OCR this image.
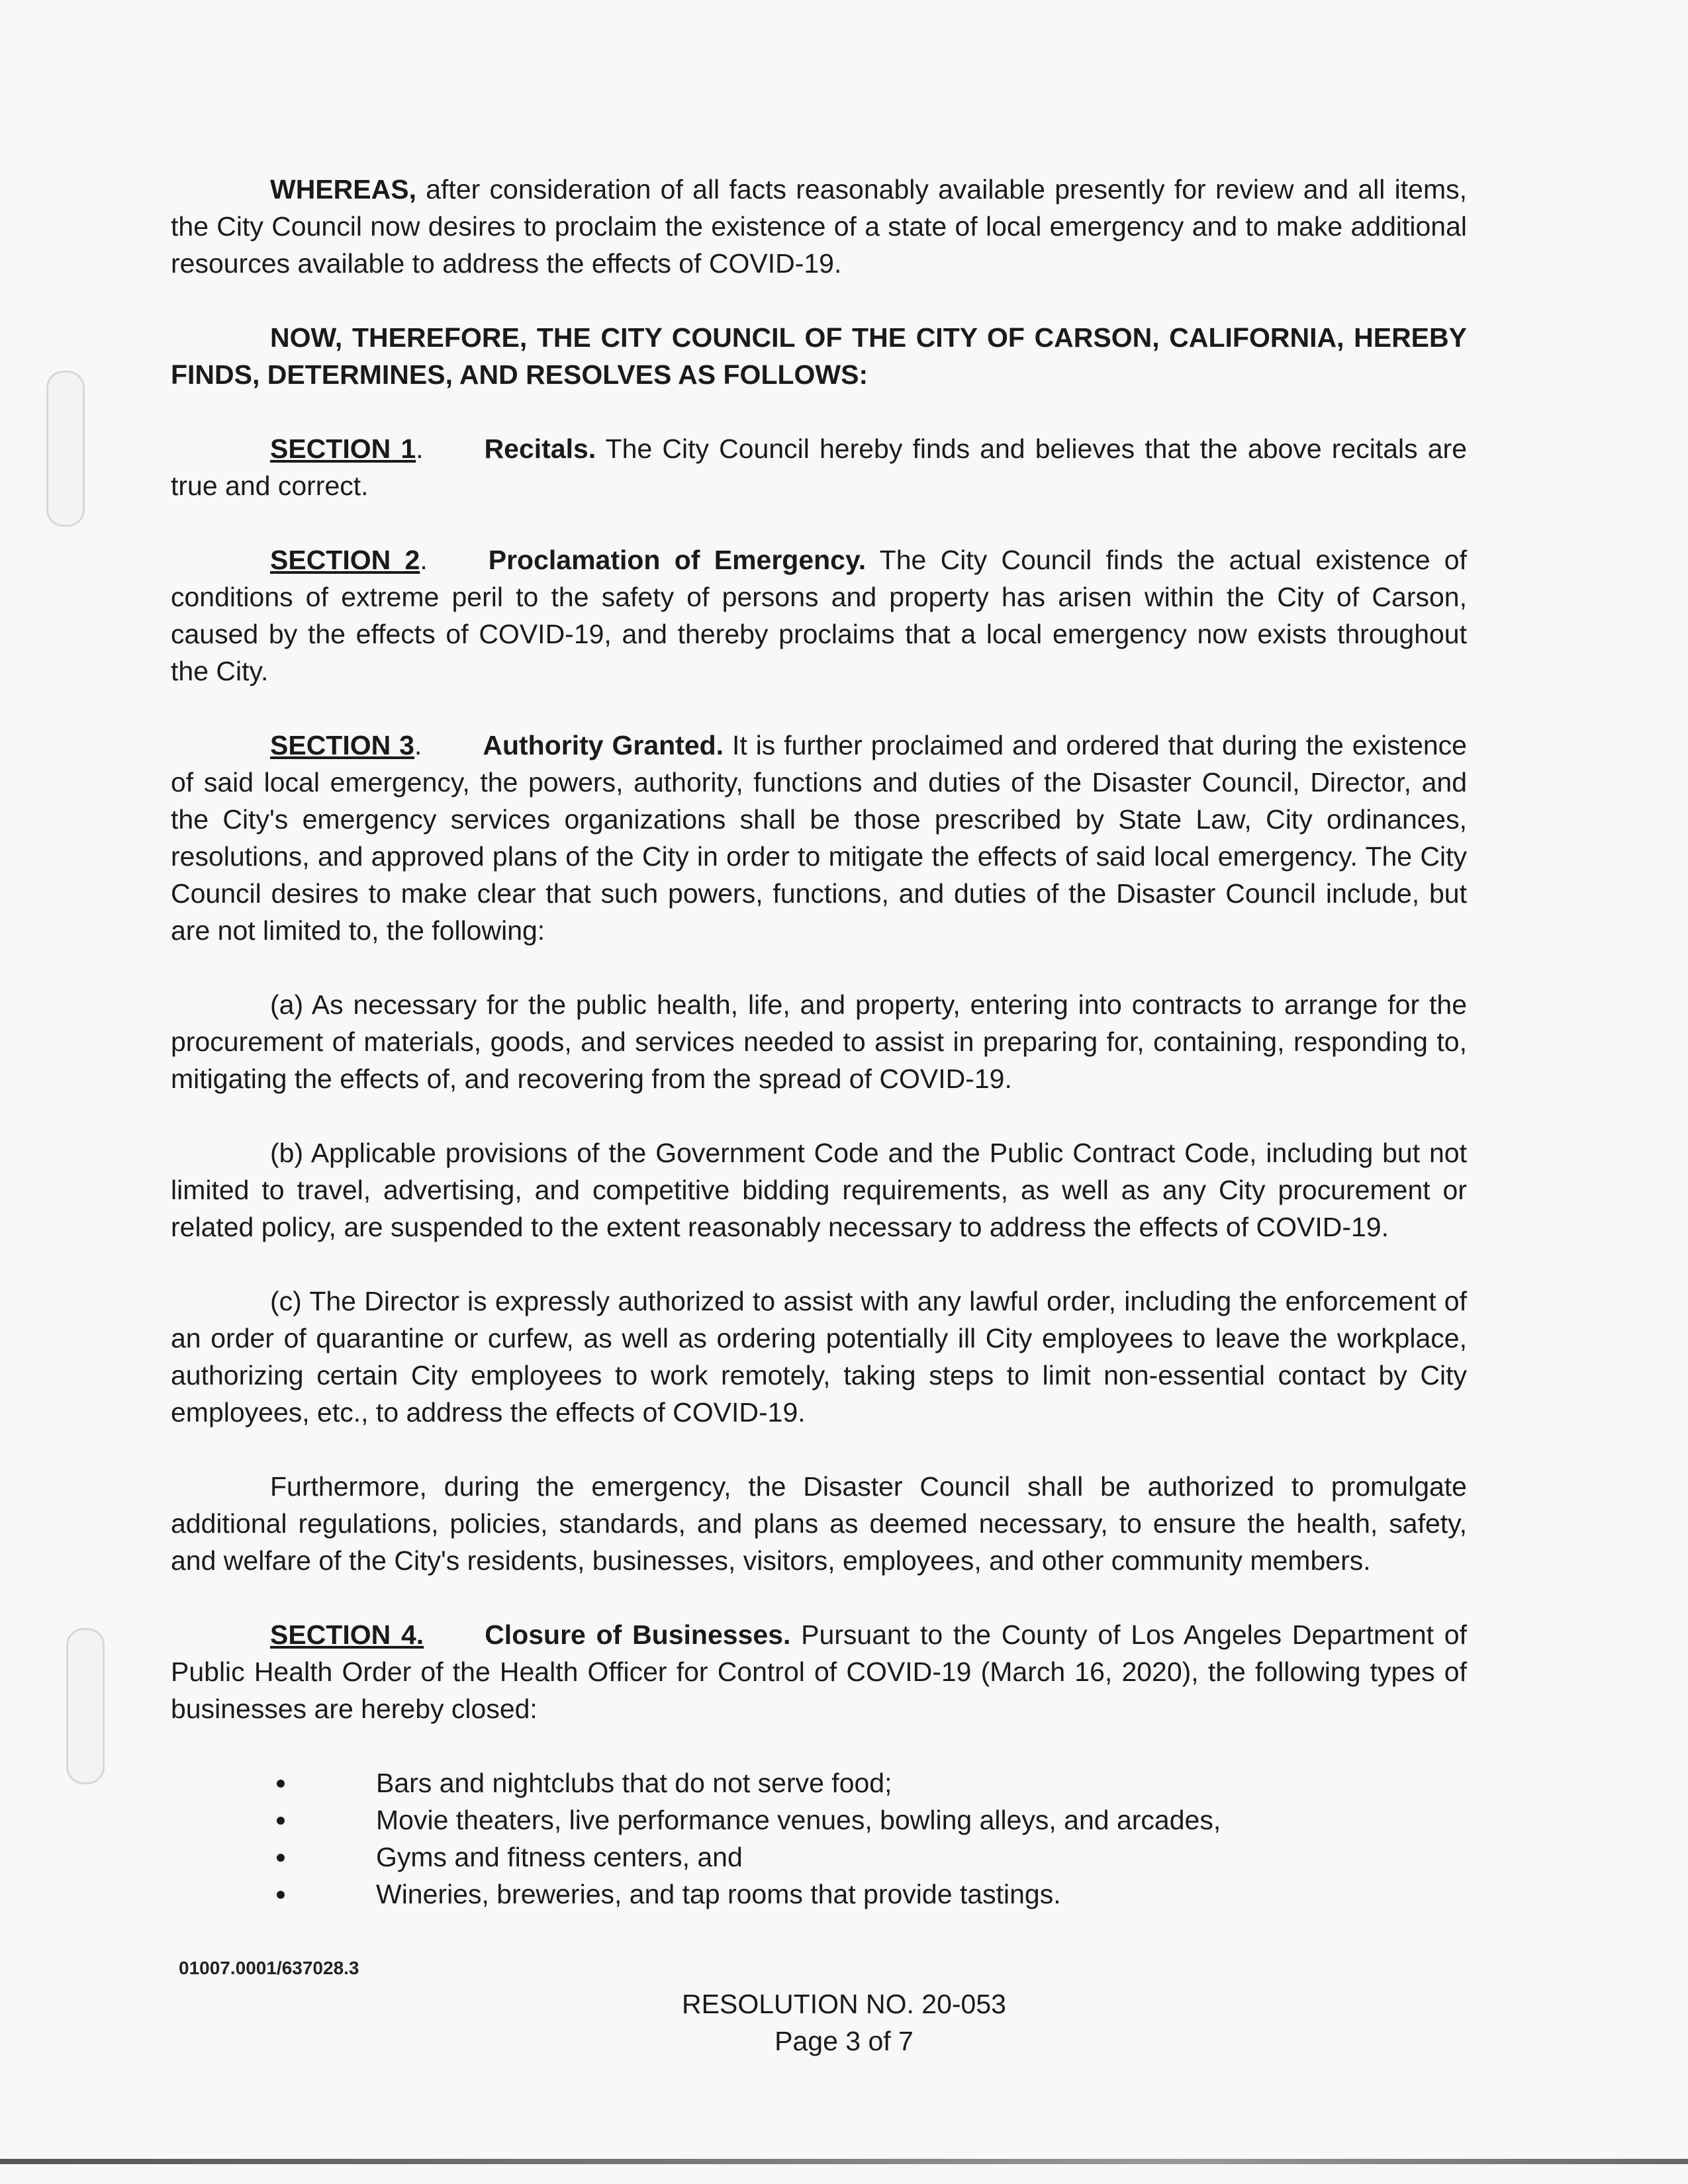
WHEREAS, after consideration of all facts reasonably available presently for review and all items, the City Council now desires to proclaim the existence of a state of local emergency and to make additional resources available to address the effects of COVID-19.

NOW, THEREFORE, THE CITY COUNCIL OF THE CITY OF CARSON, CALIFORNIA, HEREBY FINDS, DETERMINES, AND RESOLVES AS FOLLOWS:

SECTION 1. Recitals. The City Council hereby finds and believes that the above recitals are true and correct.

SECTION 2. Proclamation of Emergency. The City Council finds the actual existence of conditions of extreme peril to the safety of persons and property has arisen within the City of Carson, caused by the effects of COVID-19, and thereby proclaims that a local emergency now exists throughout the City.

SECTION 3. Authority Granted. It is further proclaimed and ordered that during the existence of said local emergency, the powers, authority, functions and duties of the Disaster Council, Director, and the City's emergency services organizations shall be those prescribed by State Law, City ordinances, resolutions, and approved plans of the City in order to mitigate the effects of said local emergency. The City Council desires to make clear that such powers, functions, and duties of the Disaster Council include, but are not limited to, the following:

(a) As necessary for the public health, life, and property, entering into contracts to arrange for the procurement of materials, goods, and services needed to assist in preparing for, containing, responding to, mitigating the effects of, and recovering from the spread of COVID-19.

(b) Applicable provisions of the Government Code and the Public Contract Code, including but not limited to travel, advertising, and competitive bidding requirements, as well as any City procurement or related policy, are suspended to the extent reasonably necessary to address the effects of COVID-19.

(c) The Director is expressly authorized to assist with any lawful order, including the enforcement of an order of quarantine or curfew, as well as ordering potentially ill City employees to leave the workplace, authorizing certain City employees to work remotely, taking steps to limit non-essential contact by City employees, etc., to address the effects of COVID-19.

Furthermore, during the emergency, the Disaster Council shall be authorized to promulgate additional regulations, policies, standards, and plans as deemed necessary, to ensure the health, safety, and welfare of the City's residents, businesses, visitors, employees, and other community members.

SECTION 4. Closure of Businesses. Pursuant to the County of Los Angeles Department of Public Health Order of the Health Officer for Control of COVID-19 (March 16, 2020), the following types of businesses are hereby closed:

Bars and nightclubs that do not serve food;
Movie theaters, live performance venues, bowling alleys, and arcades,
Gyms and fitness centers, and
Wineries, breweries, and tap rooms that provide tastings.
01007.0001/637028.3
RESOLUTION NO. 20-053
Page 3 of 7
